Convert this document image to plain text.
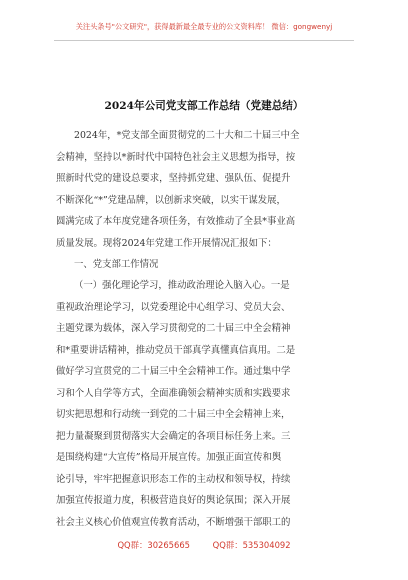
关注头条号"公文研究"，获得最新最全最专业的公文资料库！ 微信：gongwenyj
2024年公司党支部工作总结（党建总结）
2024年，*党支部全面贯彻党的二十大和二十届三中全
会精神，坚持以*新时代中国特色社会主义思想为指导，按
照新时代党的建设总要求，坚持抓党建、强队伍、促提升
不断深化“*”党建品牌，以创新求突破，以实干谋发展，
圆满完成了本年度党建各项任务，有效推动了全县*事业高
质量发展。现将2024年党建工作开展情况汇报如下：
一、党支部工作情况
（一）强化理论学习，推动政治理论入脑入心。一是
重视政治理论学习，以党委理论中心组学习、党员大会、
主题党课为载体，深入学习贯彻党的二十届三中全会精神
和*重要讲话精神，推动党员干部真学真懂真信真用。二是
做好学习宣贯党的二十届三中全会精神工作。通过集中学
习和个人自学等方式，全面准确领会精神实质和实践要求
切实把思想和行动统一到党的二十届三中全会精神上来，
把力量凝聚到贯彻落实大会确定的各项目标任务上来。三
是围绕构建“大宣传”格局开展宣传。加强正面宣传和舆
论引导，牢牢把握意识形态工作的主动权和领导权，持续
加强宣传报道力度，积极营造良好的舆论氛围；深入开展
社会主义核心价值观宣传教育活动，不断增强干部职工的
QQ群：30265665	QQ群：535304092
